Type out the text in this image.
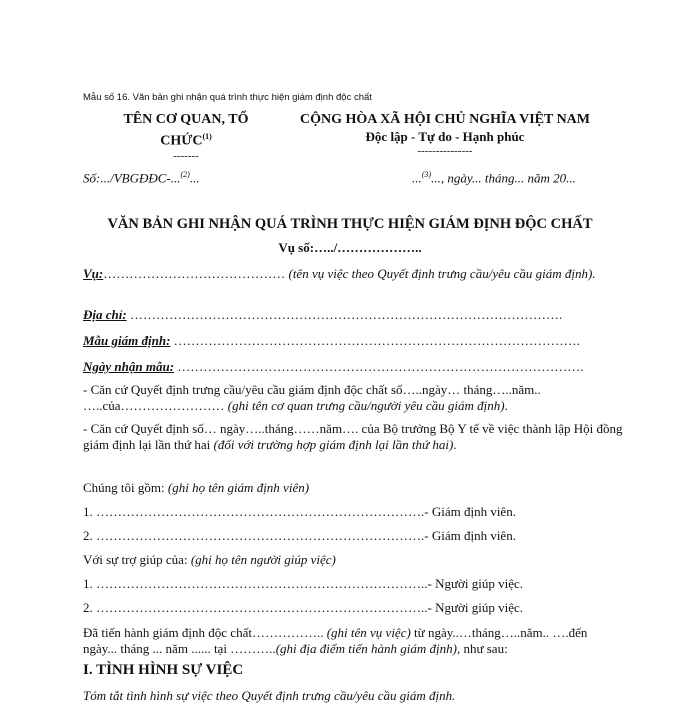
Mẫu số 16. Văn bản ghi nhận quá trình thực hiện giám định độc chất
TÊN CƠ QUAN, TỔ
CHỨC$^{(1)}$
-------
Số:.../VBGĐĐC-...$^{(2)}$...
CỘNG HÒA XÃ HỘI CHỦ NGHĨA VIỆT NAM
Độc lập - Tự do - Hạnh phúc
---------------
...$^{(3)}$..., ngày... tháng... năm 20...
VĂN BẢN GHI NHẬN QUÁ TRÌNH THỰC HIỆN GIÁM ĐỊNH ĐỘC CHẤT
Vụ số:…../………………..
Vụ:…………………………………… (tên vụ việc theo Quyết định trưng cầu/yêu cầu giám định).
Địa chỉ: ……………………………………………………………………………………….
Mẫu giám định: ………………………………………………………………………………….
Ngày nhận mẫu: ………………………………………………………………………………….
- Căn cứ Quyết định trưng cầu/yêu cầu giám định độc chất số…..ngày… tháng…..năm.. …..của…………………… (ghi tên cơ quan trưng cầu/người yêu cầu giám định).
- Căn cứ Quyết định số… ngày…..tháng……năm…. của Bộ trưởng Bộ Y tế về việc thành lập Hội đồng giám định lại lần thứ hai (đối với trường hợp giám định lại lần thứ hai).
Chúng tôi gồm: (ghi họ tên giám định viên)
1. ………………………………………………………………….- Giám định viên.
2. ………………………………………………………………….- Giám định viên.
Với sự trợ giúp của: (ghi họ tên người giúp việc)
1. …………………………………………………………………..- Người giúp việc.
2. …………………………………………………………………..- Người giúp việc.
Đã tiến hành giám định độc chất…………….. (ghi tên vụ việc) từ ngày..…tháng…..năm.. ….đến ngày... tháng ... năm ...... tại ………..(ghi địa điểm tiến hành giám định), như sau:
I. TÌNH HÌNH SỰ VIỆC
Tóm tắt tình hình sự việc theo Quyết định trưng cầu/yêu cầu giám định.
